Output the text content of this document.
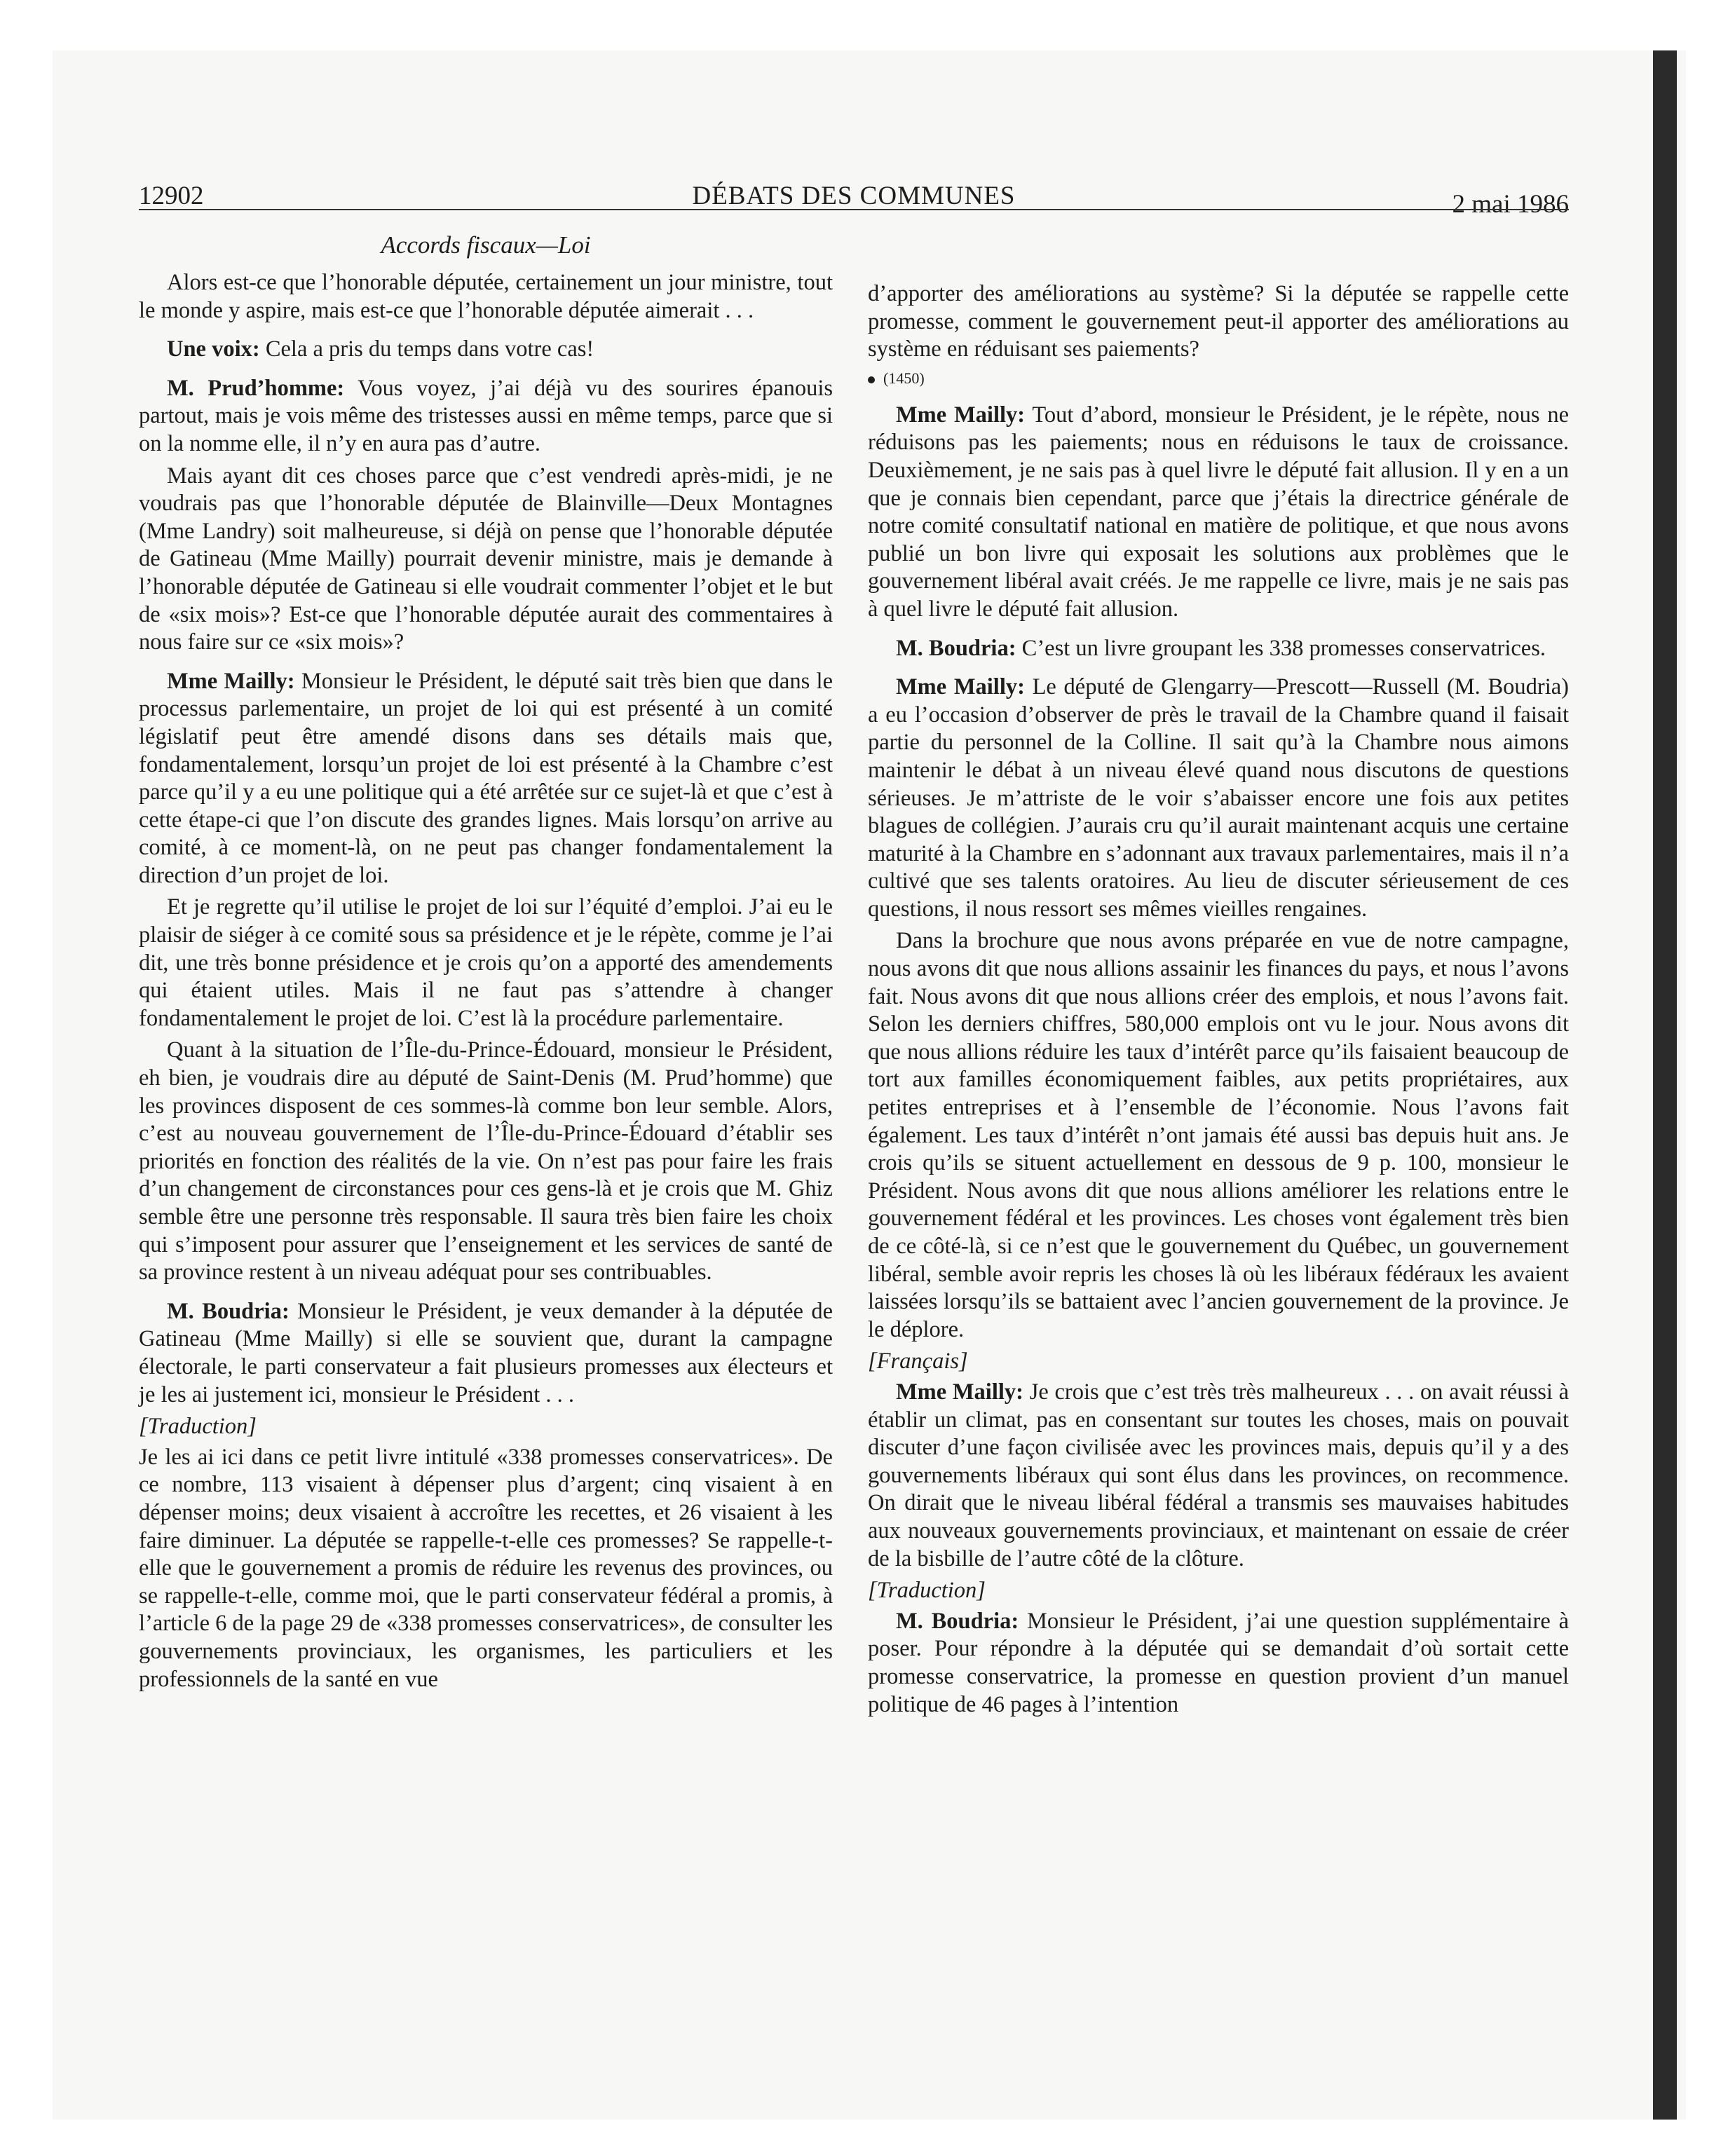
12902	DÉBATS DES COMMUNES	2 mai 1986
Accords fiscaux—Loi

Alors est-ce que l’honorable députée, certainement un jour ministre, tout le monde y aspire, mais est-ce que l’honorable députée aimerait . . .

Une voix: Cela a pris du temps dans votre cas!

M. Prud’homme: Vous voyez, j’ai déjà vu des sourires épanouis partout, mais je vois même des tristesses aussi en même temps, parce que si on la nomme elle, il n’y en aura pas d’autre.

Mais ayant dit ces choses parce que c’est vendredi après-midi, je ne voudrais pas que l’honorable députée de Blainville—Deux Montagnes (Mme Landry) soit malheureuse, si déjà on pense que l’honorable députée de Gatineau (Mme Mailly) pourrait devenir ministre, mais je demande à l’honorable députée de Gatineau si elle voudrait commenter l’objet et le but de «six mois»? Est-ce que l’honorable députée aurait des commentaires à nous faire sur ce «six mois»?

Mme Mailly: Monsieur le Président, le député sait très bien que dans le processus parlementaire, un projet de loi qui est présenté à un comité législatif peut être amendé disons dans ses détails mais que, fondamentalement, lorsqu’un projet de loi est présenté à la Chambre c’est parce qu’il y a eu une politique qui a été arrêtée sur ce sujet-là et que c’est à cette étape-ci que l’on discute des grandes lignes. Mais lorsqu’on arrive au comité, à ce moment-là, on ne peut pas changer fondamentalement la direction d’un projet de loi.

Et je regrette qu’il utilise le projet de loi sur l’équité d’emploi. J’ai eu le plaisir de siéger à ce comité sous sa présidence et je le répète, comme je l’ai dit, une très bonne présidence et je crois qu’on a apporté des amendements qui étaient utiles. Mais il ne faut pas s’attendre à changer fondamentalement le projet de loi. C’est là la procédure parlementaire.

Quant à la situation de l’Île-du-Prince-Édouard, monsieur le Président, eh bien, je voudrais dire au député de Saint-Denis (M. Prud’homme) que les provinces disposent de ces sommes-là comme bon leur semble. Alors, c’est au nouveau gouvernement de l’Île-du-Prince-Édouard d’établir ses priorités en fonction des réalités de la vie. On n’est pas pour faire les frais d’un changement de circonstances pour ces gens-là et je crois que M. Ghiz semble être une personne très responsable. Il saura très bien faire les choix qui s’imposent pour assurer que l’enseignement et les services de santé de sa province restent à un niveau adéquat pour ses contribuables.

M. Boudria: Monsieur le Président, je veux demander à la députée de Gatineau (Mme Mailly) si elle se souvient que, durant la campagne électorale, le parti conservateur a fait plusieurs promesses aux électeurs et je les ai justement ici, monsieur le Président . . .

[Traduction]

Je les ai ici dans ce petit livre intitulé «338 promesses conservatrices». De ce nombre, 113 visaient à dépenser plus d’argent; cinq visaient à en dépenser moins; deux visaient à accroître les recettes, et 26 visaient à les faire diminuer. La députée se rappelle-t-elle ces promesses? Se rappelle-t-elle que le gouvernement a promis de réduire les revenus des provinces, ou se rappelle-t-elle, comme moi, que le parti conservateur fédéral a promis, à l’article 6 de la page 29 de «338 promesses conservatrices», de consulter les gouvernements provinciaux, les organismes, les particuliers et les professionnels de la santé en vue

d’apporter des améliorations au système? Si la députée se rappelle cette promesse, comment le gouvernement peut-il apporter des améliorations au système en réduisant ses paiements?

(1450)

Mme Mailly: Tout d’abord, monsieur le Président, je le répète, nous ne réduisons pas les paiements; nous en réduisons le taux de croissance. Deuxièmement, je ne sais pas à quel livre le député fait allusion. Il y en a un que je connais bien cependant, parce que j’étais la directrice générale de notre comité consultatif national en matière de politique, et que nous avons publié un bon livre qui exposait les solutions aux problèmes que le gouvernement libéral avait créés. Je me rappelle ce livre, mais je ne sais pas à quel livre le député fait allusion.

M. Boudria: C’est un livre groupant les 338 promesses conservatrices.

Mme Mailly: Le député de Glengarry—Prescott—Russell (M. Boudria) a eu l’occasion d’observer de près le travail de la Chambre quand il faisait partie du personnel de la Colline. Il sait qu’à la Chambre nous aimons maintenir le débat à un niveau élevé quand nous discutons de questions sérieuses. Je m’attriste de le voir s’abaisser encore une fois aux petites blagues de collégien. J’aurais cru qu’il aurait maintenant acquis une certaine maturité à la Chambre en s’adonnant aux travaux parlementaires, mais il n’a cultivé que ses talents oratoires. Au lieu de discuter sérieusement de ces questions, il nous ressort ses mêmes vieilles rengaines.

Dans la brochure que nous avons préparée en vue de notre campagne, nous avons dit que nous allions assainir les finances du pays, et nous l’avons fait. Nous avons dit que nous allions créer des emplois, et nous l’avons fait. Selon les derniers chiffres, 580,000 emplois ont vu le jour. Nous avons dit que nous allions réduire les taux d’intérêt parce qu’ils faisaient beaucoup de tort aux familles économiquement faibles, aux petits propriétaires, aux petites entreprises et à l’ensemble de l’économie. Nous l’avons fait également. Les taux d’intérêt n’ont jamais été aussi bas depuis huit ans. Je crois qu’ils se situent actuellement en dessous de 9 p. 100, monsieur le Président. Nous avons dit que nous allions améliorer les relations entre le gouvernement fédéral et les provinces. Les choses vont également très bien de ce côté-là, si ce n’est que le gouvernement du Québec, un gouvernement libéral, semble avoir repris les choses là où les libéraux fédéraux les avaient laissées lorsqu’ils se battaient avec l’ancien gouvernement de la province. Je le déplore.

[Français]

Mme Mailly: Je crois que c’est très très malheureux . . . on avait réussi à établir un climat, pas en consentant sur toutes les choses, mais on pouvait discuter d’une façon civilisée avec les provinces mais, depuis qu’il y a des gouvernements libéraux qui sont élus dans les provinces, on recommence. On dirait que le niveau libéral fédéral a transmis ses mauvaises habitudes aux nouveaux gouvernements provinciaux, et maintenant on essaie de créer de la bisbille de l’autre côté de la clôture.

[Traduction]

M. Boudria: Monsieur le Président, j’ai une question supplémentaire à poser. Pour répondre à la députée qui se demandait d’où sortait cette promesse conservatrice, la promesse en question provient d’un manuel politique de 46 pages à l’intention
